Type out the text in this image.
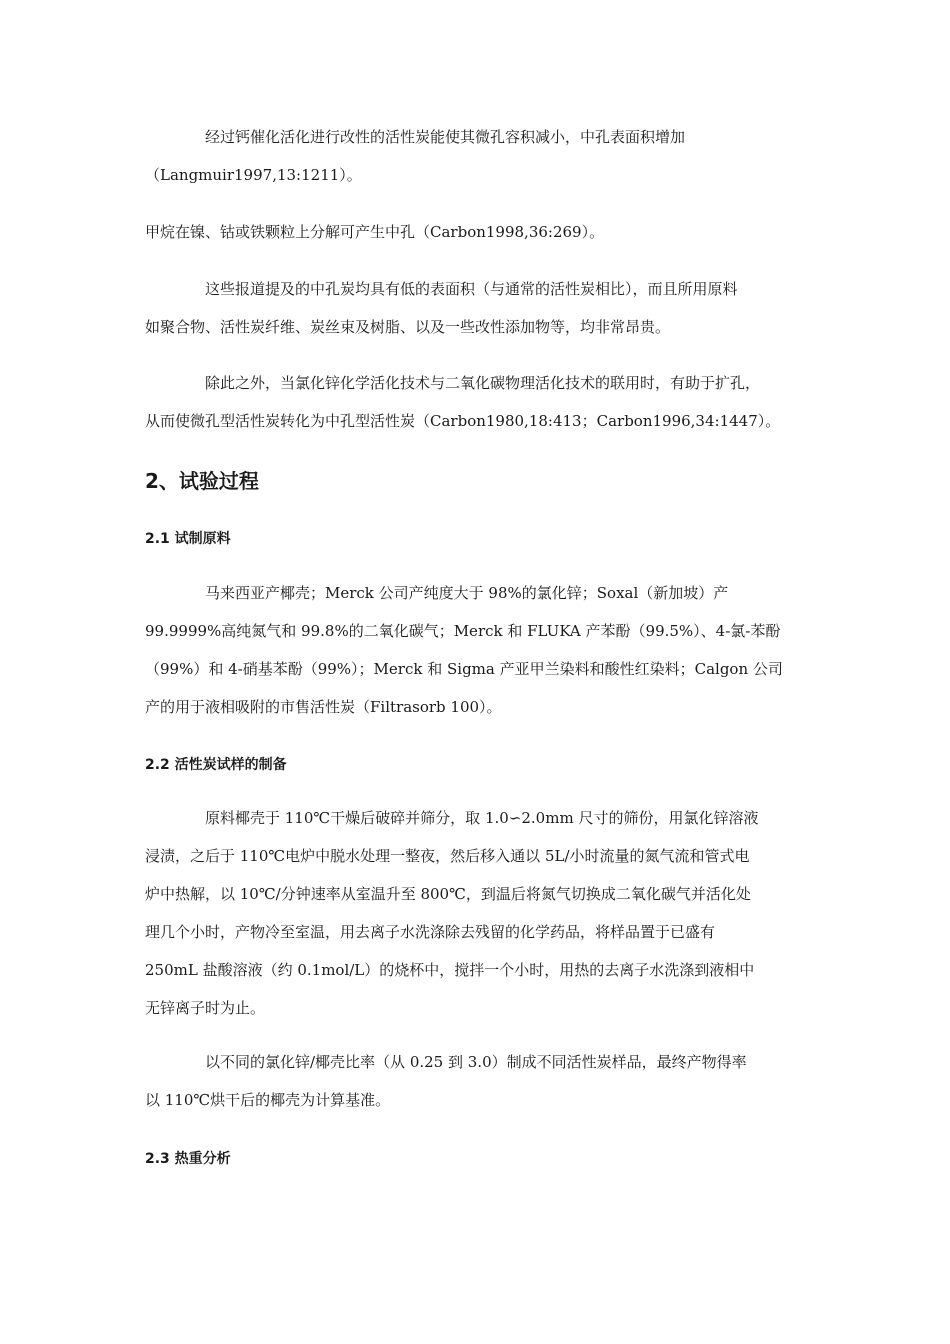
经过钙催化活化进行改性的活性炭能使其微孔容积减小，中孔表面积增加
（Langmuir1997,13:1211）。

甲烷在镍、钴或铁颗粒上分解可产生中孔（Carbon1998,36:269）。

这些报道提及的中孔炭均具有低的表面积（与通常的活性炭相比），而且所用原料
如聚合物、活性炭纤维、炭丝束及树脂、以及一些改性添加物等，均非常昂贵。

除此之外，当氯化锌化学活化技术与二氧化碳物理活化技术的联用时，有助于扩孔，
从而使微孔型活性炭转化为中孔型活性炭（Carbon1980,18:413；Carbon1996,34:1447）。

2、试验过程
2.1 试制原料

马来西亚产椰壳；Merck 公司产纯度大于 98%的氯化锌；Soxal（新加坡）产
99.9999%高纯氮气和 99.8%的二氧化碳气；Merck 和 FLUKA 产苯酚（99.5%）、4-氯-苯酚
（99%）和 4-硝基苯酚（99%）；Merck 和 Sigma 产亚甲兰染料和酸性红染料；Calgon 公司
产的用于液相吸附的市售活性炭（Filtrasorb 100）。

2.2 活性炭试样的制备

原料椰壳于 110℃干燥后破碎并筛分，取 1.0∽2.0mm 尺寸的筛份，用氯化锌溶液
浸渍，之后于 110℃电炉中脱水处理一整夜，然后移入通以 5L/小时流量的氮气流和管式电
炉中热解，以 10℃/分钟速率从室温升至 800℃，到温后将氮气切换成二氧化碳气并活化处
理几个小时，产物冷至室温，用去离子水洗涤除去残留的化学药品，将样品置于已盛有
250mL 盐酸溶液（约 0.1mol/L）的烧杯中，搅拌一个小时，用热的去离子水洗涤到液相中
无锌离子时为止。

以不同的氯化锌/椰壳比率（从 0.25 到 3.0）制成不同活性炭样品，最终产物得率
以 110℃烘干后的椰壳为计算基准。

2.3 热重分析
